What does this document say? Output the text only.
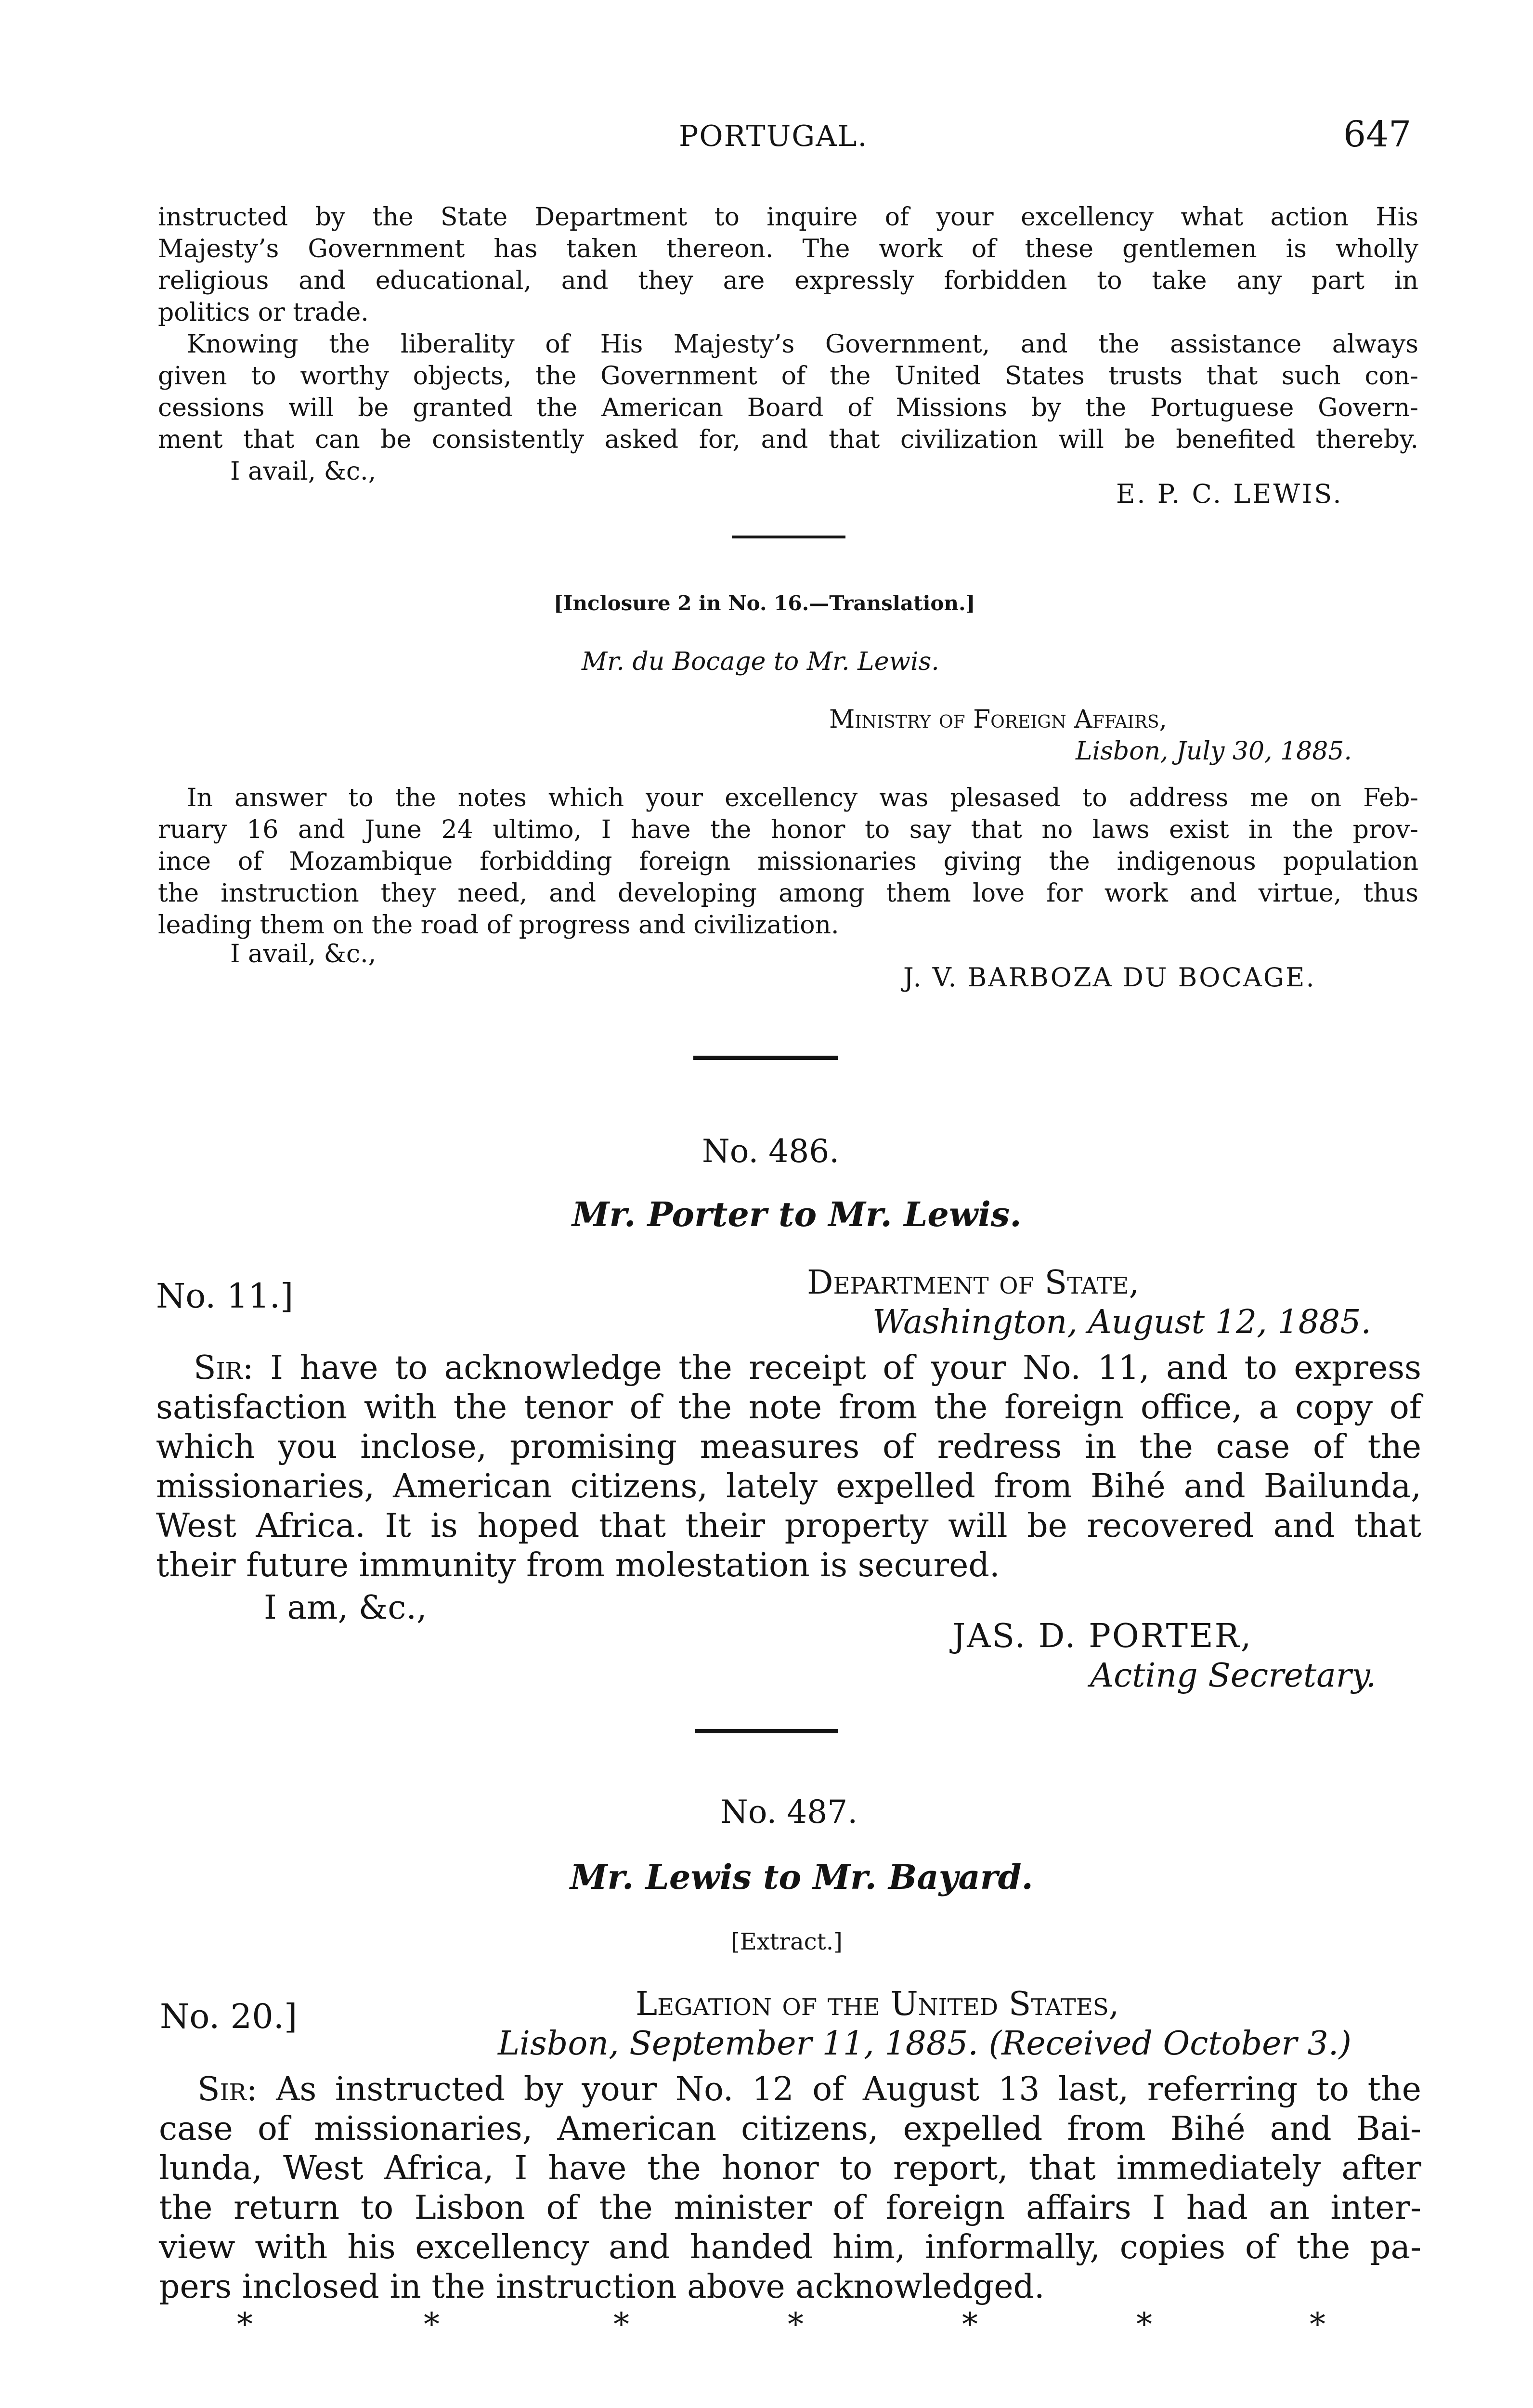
PORTUGAL.	647
instructed by the State Department to inquire of your excellency what action His
Majesty’s Government has taken thereon. The work of these gentlemen is wholly
religious and educational, and they are expressly forbidden to take any part in
politics or trade.
Knowing the liberality of His Majesty’s Government, and the assistance always
given to worthy objects, the Government of the United States trusts that such con-
cessions will be granted the American Board of Missions by the Portuguese Govern-
ment that can be consistently asked for, and that civilization will be benefited thereby.
I avail, &c.,
E. P. C. LEWIS.
[Inclosure 2 in No. 16.—Translation.]
Mr. du Bocage to Mr. Lewis.
Ministry of Foreign Affairs,
Lisbon, July 30, 1885.
In answer to the notes which your excellency was plesased to address me on Feb-
ruary 16 and June 24 ultimo, I have the honor to say that no laws exist in the prov-
ince of Mozambique forbidding foreign missionaries giving the indigenous population
the instruction they need, and developing among them love for work and virtue, thus
leading them on the road of progress and civilization.
I avail, &c.,
J. V. BARBOZA DU BOCAGE.
No. 486.
Mr. Porter to Mr. Lewis.
No. 11.]	Department of State,
Washington, August 12, 1885.
Sir: I have to acknowledge the receipt of your No. 11, and to express
satisfaction with the tenor of the note from the foreign office, a copy of
which you inclose, promising measures of redress in the case of the
missionaries, American citizens, lately expelled from Bihé and Bailunda,
West Africa. It is hoped that their property will be recovered and that
their future immunity from molestation is secured.
I am, &c.,
JAS. D. PORTER,
Acting Secretary.
No. 487.
Mr. Lewis to Mr. Bayard.
[Extract.]
No. 20.]	Legation of the United States,
Lisbon, September 11, 1885. (Received October 3.)
Sir: As instructed by your No. 12 of August 13 last, referring to the
case of missionaries, American citizens, expelled from Bihé and Bai-
lunda, West Africa, I have the honor to report, that immediately after
the return to Lisbon of the minister of foreign affairs I had an inter-
view with his excellency and handed him, informally, copies of the pa-
pers inclosed in the instruction above acknowledged.
*	*	*	*	*	*	*
